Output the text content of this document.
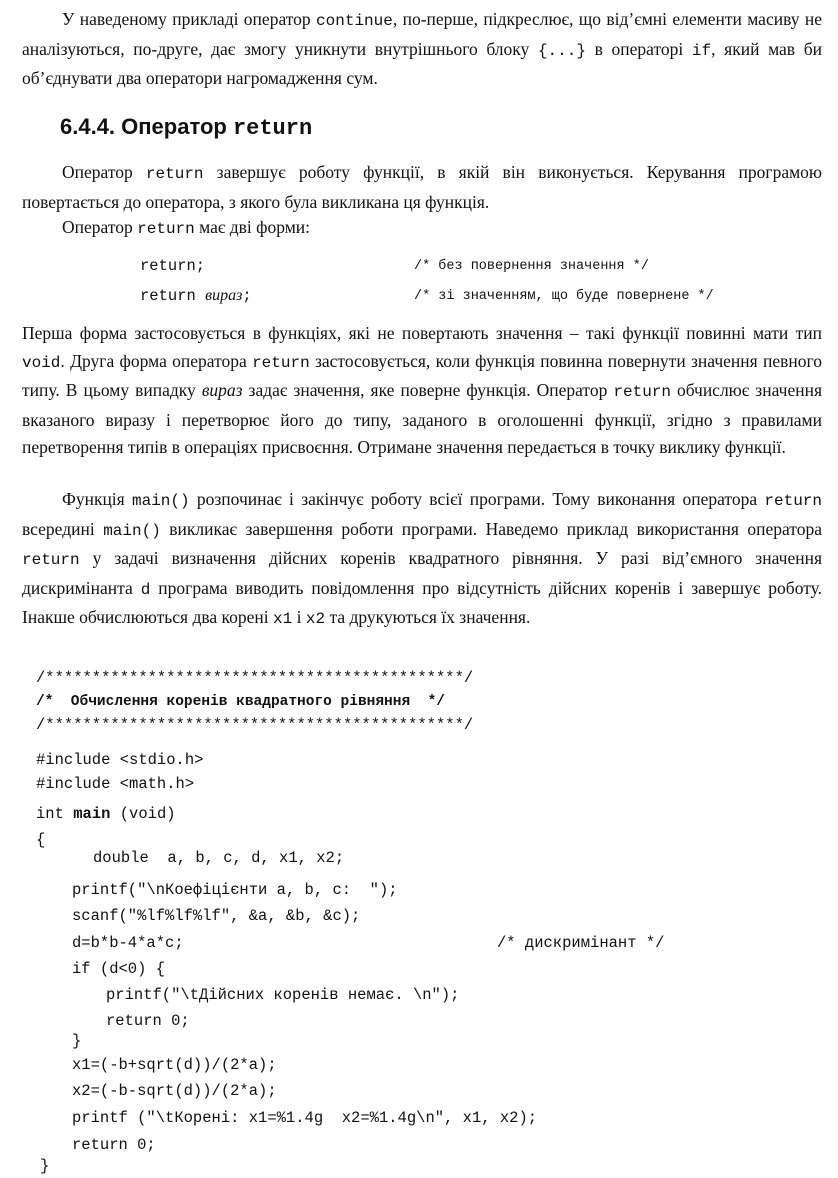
У наведеному прикладі оператор continue, по-перше, підкреслює, що від’ємні елементи масиву не аналізуються, по-друге, дає змогу уникнути внутрішнього блоку {...} в операторі if, який мав би об’єднувати два оператори нагромадження сум.

6.4.4. Оператор return

Оператор return завершує роботу функції, в якій він виконується. Керування програмою повертається до оператора, з якого була викликана ця функція.

Оператор return має дві форми:

return;	/* без повернення значення */
return вираз;	/* зі значенням, що буде повернене */

Перша форма застосовується в функціях, які не повертають значення – такі функції повинні мати тип void. Друга форма оператора return застосовується, коли функція повинна повернути значення певного типу. В цьому випадку вираз задає значення, яке поверне функція. Оператор return обчислює значення вказаного виразу і перетворює його до типу, заданого в оголошенні функції, згідно з правилами перетворення типів в операціях присвоєння. Отримане значення передається в точку виклику функції.

Функція main() розпочинає і закінчує роботу всієї програми. Тому виконання оператора return всередині main() викликає завершення роботи програми. Наведемо приклад використання оператора return у задачі визначення дійсних коренів квадратного рівняння. У разі від’ємного значення дискримінанта d програма виводить повідомлення про відсутність дійсних коренів і завершує роботу. Інакше обчислюються два корені x1 і x2 та друкуються їх значення.

/*********************************************/
/*  Обчислення коренів квадратного рівняння  */
/*********************************************/
#include <stdio.h>
#include <math.h>
int main (void)
{
double  a, b, c, d, x1, x2;
printf("\nКоефіцієнти a, b, c:  ");
scanf("%lf%lf%lf", &a, &b, &c);
d=b*b-4*a*c;	/* дискримінант */
if (d<0) {
printf("\tДійсних коренів немає. \n");
return 0;
}
x1=(-b+sqrt(d))/(2*a);
x2=(-b-sqrt(d))/(2*a);
printf ("\tКорені: x1=%1.4g  x2=%1.4g\n", x1, x2);
return 0;
}
